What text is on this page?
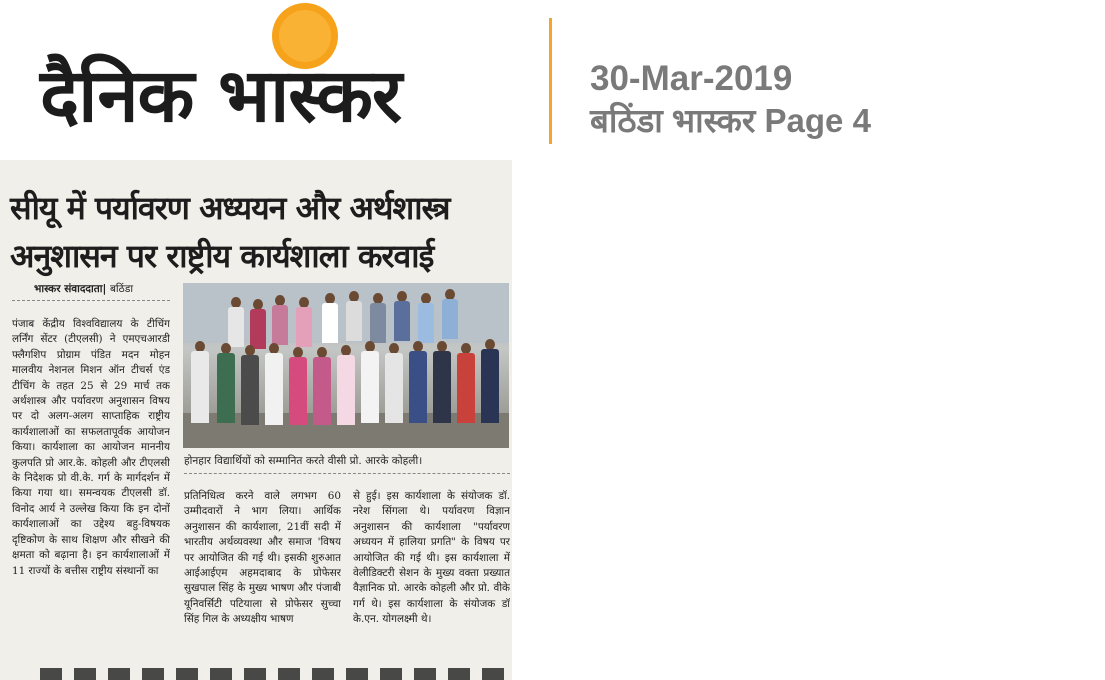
दैनिक भास्कर	30-Mar-2019
बठिंडा भास्कर Page 4
सीयू में पर्यावरण अध्ययन और अर्थशास्त्र
अनुशासन पर राष्ट्रीय कार्यशाला करवाई
भास्कर संवाददाता| बठिंडा
पंजाब केंद्रीय विश्वविद्यालय के टीचिंग लर्निंग सेंटर (टीएलसी) ने एमएचआरडी फ्लैगशिप प्रोग्राम पंडित मदन मोहन मालवीय नेशनल मिशन ऑन टीचर्स एंड टीचिंग के तहत 25 से 29 मार्च तक अर्थशास्त्र और पर्यावरण अनुशासन विषय पर दो अलग-अलग साप्ताहिक राष्ट्रीय कार्यशालाओं का सफलतापूर्वक आयोजन किया। कार्यशाला का आयोजन माननीय कुलपति प्रो आर.के. कोहली और टीएलसी के निदेशक प्रो वी.के. गर्ग के मार्गदर्शन में किया गया था। समन्वयक टीएलसी डॉ. विनोद आर्य ने उल्लेख किया कि इन दोनों कार्यशालाओं का उद्देश्य बहु-विषयक दृष्टिकोण के साथ शिक्षण और सीखने की क्षमता को बढ़ाना है। इन कार्यशालाओं में 11 राज्यों के बत्तीस राष्ट्रीय संस्थानों का
होनहार विद्यार्थियों को सम्मानित करते वीसी प्रो. आरके कोहली।
प्रतिनिधित्व करने वाले लगभग 60 उम्मीदवारों ने भाग लिया। आर्थिक अनुशासन की कार्यशाला, 21वीं सदी में भारतीय अर्थव्यवस्था और समाज 'विषय पर आयोजित की गई थी। इसकी शुरुआत आईआईएम अहमदाबाद के प्रोफेसर सुखपाल सिंह के मुख्य भाषण और पंजाबी यूनिवर्सिटी पटियाला से प्रोफेसर सुच्चा सिंह गिल के अध्यक्षीय भाषण
से हुई। इस कार्यशाला के संयोजक डॉ. नरेश सिंगला थे। पर्यावरण विज्ञान अनुशासन की कार्यशाला "पर्यावरण अध्ययन में हालिया प्रगति" के विषय पर आयोजित की गई थी। इस कार्यशाला में वेलीडिक्टरी सेशन के मुख्य वक्ता प्रख्यात वैज्ञानिक प्रो. आरके कोहली और प्रो. वीके गर्ग थे। इस कार्यशाला के संयोजक डॉ के.एन. योगलक्ष्मी थे।
